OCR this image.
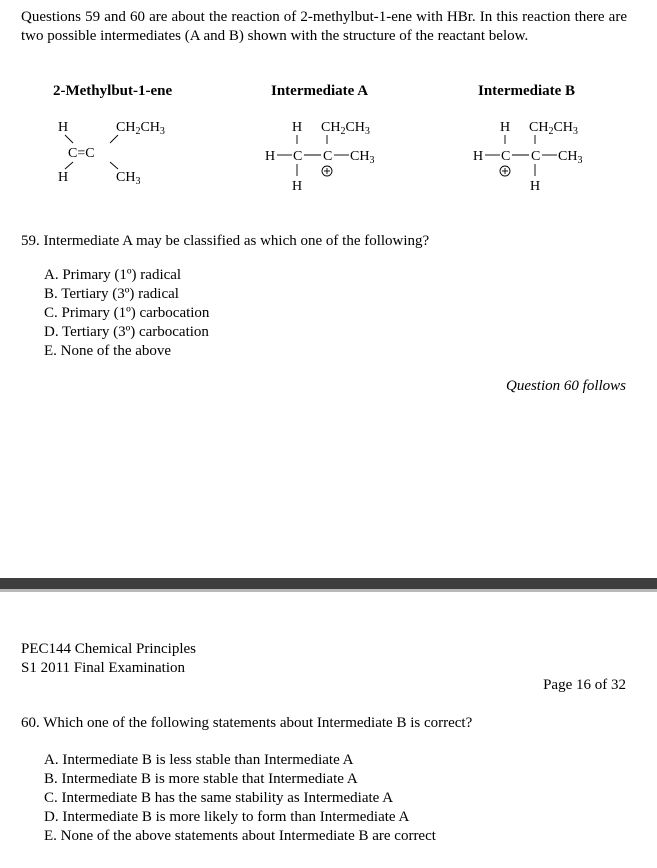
Questions 59 and 60 are about the reaction of 2-methylbut-1-ene with HBr. In this reaction there are two possible intermediates (A and B) shown with the structure of the reactant below.
2-Methylbut-1-ene	Intermediate A	Intermediate B
H	$CH_2CH_3$
C=C
H	$CH_3$
H $CH_2CH_3$
H C C $CH_3$
H
H $CH_2CH_3$
H C C $CH_3$
H
59. Intermediate A may be classified as which one of the following?
A. Primary (1º) radical
B. Tertiary (3º) radical
C. Primary (1º) carbocation
D. Tertiary (3º) carbocation
E. None of the above
Question 60 follows
PEC144 Chemical Principles
S1 2011 Final Examination
Page 16 of 32
60. Which one of the following statements about Intermediate B is correct?
A. Intermediate B is less stable than Intermediate A
B. Intermediate B is more stable that Intermediate A
C. Intermediate B has the same stability as Intermediate A
D. Intermediate B is more likely to form than Intermediate A
E. None of the above statements about Intermediate B are correct
